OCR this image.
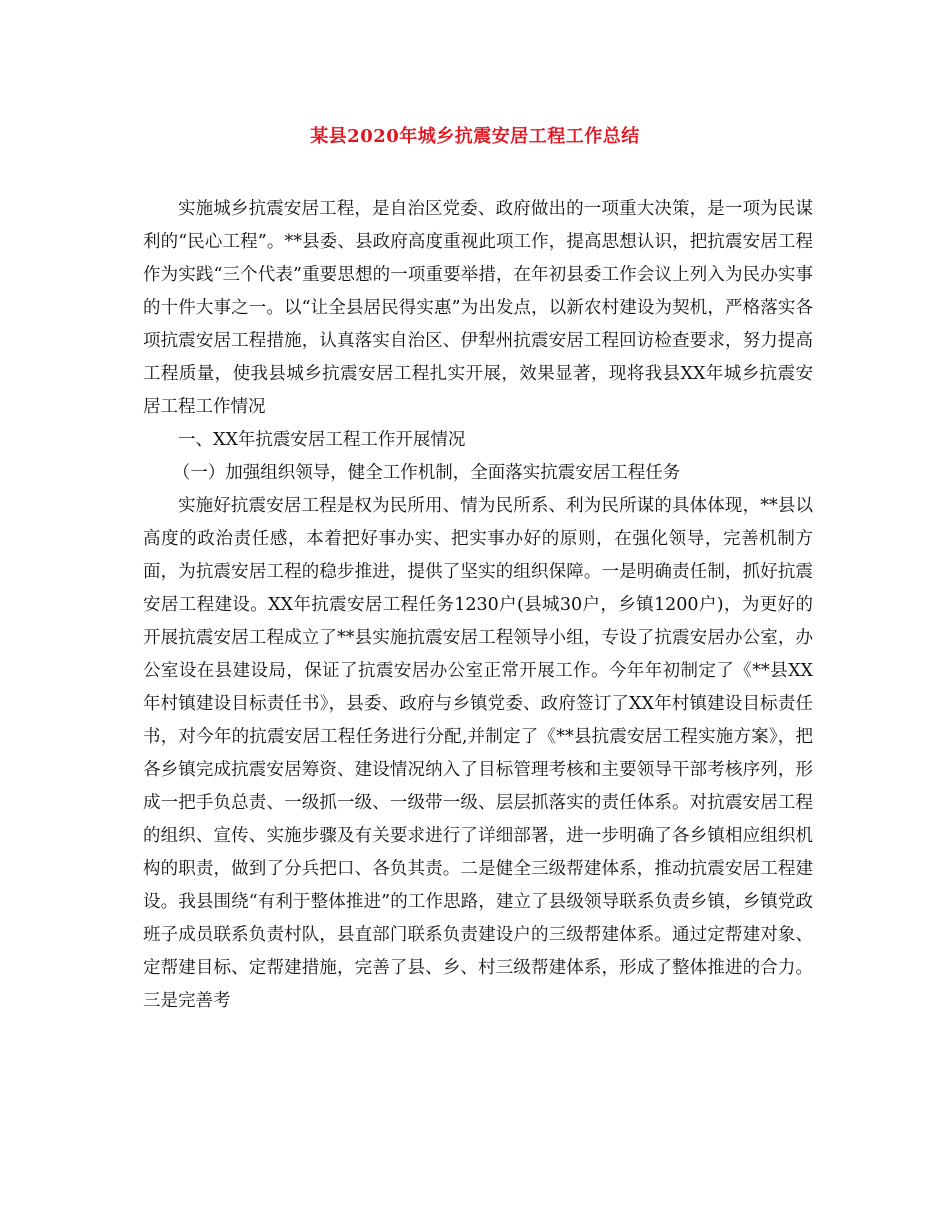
某县2020年城乡抗震安居工程工作总结

实施城乡抗震安居工程，是自治区党委、政府做出的一项重大决策，是一项为民谋利的“民心工程”。**县委、县政府高度重视此项工作，提高思想认识，把抗震安居工程作为实践“三个代表”重要思想的一项重要举措，在年初县委工作会议上列入为民办实事的十件大事之一。以“让全县居民得实惠”为出发点，以新农村建设为契机，严格落实各项抗震安居工程措施，认真落实自治区、伊犁州抗震安居工程回访检查要求，努力提高工程质量，使我县城乡抗震安居工程扎实开展，效果显著，现将我县XX年城乡抗震安居工程工作情况

一、XX年抗震安居工程工作开展情况

（一）加强组织领导，健全工作机制，全面落实抗震安居工程任务

实施好抗震安居工程是权为民所用、情为民所系、利为民所谋的具体体现，**县以高度的政治责任感，本着把好事办实、把实事办好的原则，在强化领导，完善机制方面，为抗震安居工程的稳步推进，提供了坚实的组织保障。一是明确责任制，抓好抗震安居工程建设。XX年抗震安居工程任务1230户(县城30户，乡镇1200户)，为更好的开展抗震安居工程成立了**县实施抗震安居工程领导小组，专设了抗震安居办公室，办公室设在县建设局，保证了抗震安居办公室正常开展工作。今年年初制定了《**县XX年村镇建设目标责任书》，县委、政府与乡镇党委、政府签订了XX年村镇建设目标责任书，对今年的抗震安居工程任务进行分配,并制定了《**县抗震安居工程实施方案》，把各乡镇完成抗震安居筹资、建设情况纳入了目标管理考核和主要领导干部考核序列，形成一把手负总责、一级抓一级、一级带一级、层层抓落实的责任体系。对抗震安居工程的组织、宣传、实施步骤及有关要求进行了详细部署，进一步明确了各乡镇相应组织机构的职责，做到了分兵把口、各负其责。二是健全三级帮建体系，推动抗震安居工程建设。我县围绕“有利于整体推进”的工作思路，建立了县级领导联系负责乡镇，乡镇党政班子成员联系负责村队，县直部门联系负责建设户的三级帮建体系。通过定帮建对象、定帮建目标、定帮建措施，完善了县、乡、村三级帮建体系，形成了整体推进的合力。三是完善考
